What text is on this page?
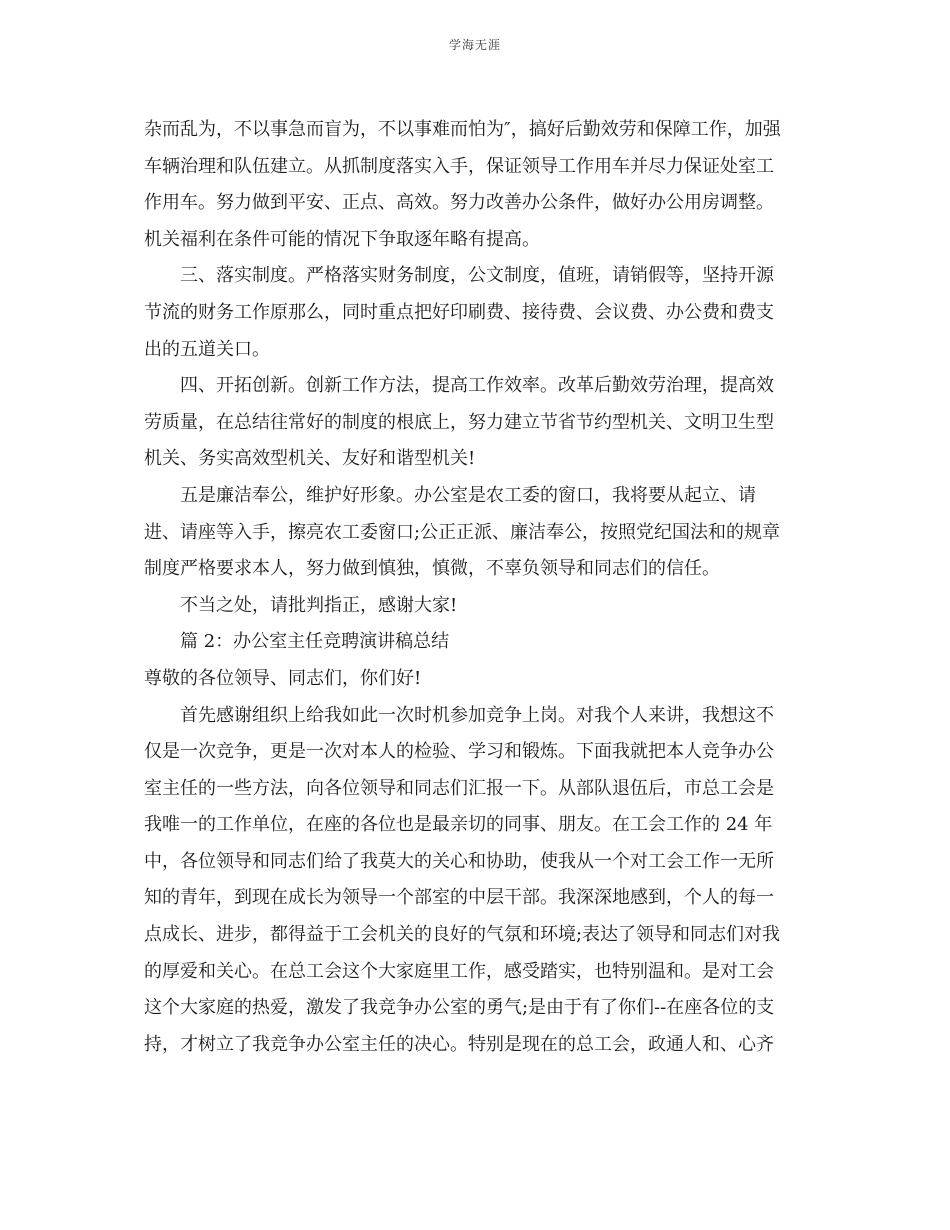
学海无涯
杂而乱为，不以事急而盲为，不以事难而怕为″，搞好后勤效劳和保障工作，加强
车辆治理和队伍建立。从抓制度落实入手，保证领导工作用车并尽力保证处室工
作用车。努力做到平安、正点、高效。努力改善办公条件，做好办公用房调整。
机关福利在条件可能的情况下争取逐年略有提高。
三、落实制度。严格落实财务制度，公文制度，值班，请销假等，坚持开源
节流的财务工作原那么，同时重点把好印刷费、接待费、会议费、办公费和费支
出的五道关口。
四、开拓创新。创新工作方法，提高工作效率。改革后勤效劳治理，提高效
劳质量，在总结往常好的制度的根底上，努力建立节省节约型机关、文明卫生型
机关、务实高效型机关、友好和谐型机关!
五是廉洁奉公，维护好形象。办公室是农工委的窗口，我将要从起立、请
进、请座等入手，擦亮农工委窗口;公正正派、廉洁奉公，按照党纪国法和的规章
制度严格要求本人，努力做到慎独，慎微，不辜负领导和同志们的信任。
不当之处，请批判指正，感谢大家!
篇 2：办公室主任竞聘演讲稿总结
尊敬的各位领导、同志们，你们好!
首先感谢组织上给我如此一次时机参加竞争上岗。对我个人来讲，我想这不
仅是一次竞争，更是一次对本人的检验、学习和锻炼。下面我就把本人竞争办公
室主任的一些方法，向各位领导和同志们汇报一下。从部队退伍后，市总工会是
我唯一的工作单位，在座的各位也是最亲切的同事、朋友。在工会工作的 24 年
中，各位领导和同志们给了我莫大的关心和协助，使我从一个对工会工作一无所
知的青年，到现在成长为领导一个部室的中层干部。我深深地感到，个人的每一
点成长、进步，都得益于工会机关的良好的气氛和环境;表达了领导和同志们对我
的厚爱和关心。在总工会这个大家庭里工作，感受踏实，也特别温和。是对工会
这个大家庭的热爱，激发了我竞争办公室的勇气;是由于有了你们--在座各位的支
持，才树立了我竞争办公室主任的决心。特别是现在的总工会，政通人和、心齐
